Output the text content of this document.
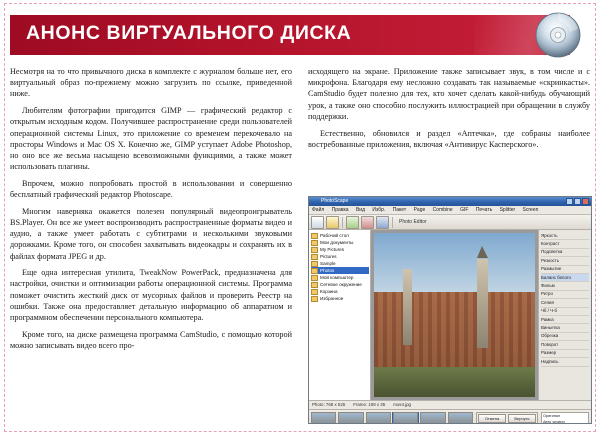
АНОНС ВИРТУАЛЬНОГО ДИСКА

Несмотря на то что привычного диска в комплекте с журналом больше нет, его виртуальный образ по-прежнему можно загрузить по ссылке, приведенной ниже.

Любителям фотографии пригодится GIMP — графический редактор с открытым исходным кодом. Получившее распространение среди пользователей операционной системы Linux, это приложение со временем перекочевало на просторы Windows и Mac OS X. Конечно же, GIMP уступает Adobe Photoshop, но оно все же весьма насыщено всевозможными функциями, а также может использовать плагины.

Впрочем, можно попробовать простой в использовании и совершенно бесплатный графический редактор Photoscape.

Многим наверняка окажется полезен популярный видеопроигрыватель BS.Player. Он все же умеет воспроизводить распространенные форматы видео и аудио, а также умеет работать с субтитрами и несколькими звуковыми дорожками. Кроме того, он способен захватывать видеокадры и сохранять их в файлах формата JPEG и др.

Еще одна интересная утилита, TweakNow PowerPack, предназначена для настройки, очистки и оптимизации работы операционной системы. Программа поможет очистить жесткий диск от мусорных файлов и проверить Реестр на ошибки. Также она предоставляет детальную информацию об аппаратном и программном обеспечении персонального компьютера.

Кроме того, на диске размещена программа CamStudio, с помощью которой можно записывать видео всего про-

исходящего на экране. Приложение также записывает звук, в том числе и с микрофона. Благодаря ему несложно создавать так называемые «скринкасты». CamStudio будет полезно для тех, кто хочет сделать какой-нибудь обучающий урок, а также оно способно послужить иллюстрацией при обращении в службу поддержки.

Естественно, обновился и раздел «Аптечка», где собраны наиболее востребованные приложения, включая «Антивирус Касперского».

PhotoScape
Файл Правка Вид Избр. Пакет Page Сombine GIF Печать Splitter Screen
Photo Editor
Рабочий стол
Мои документы
My Pictures
Pictures
Sample
Photos
Мой компьютер
Сетевое окружение
Корзина
Избранное
Яркость
Контраст
Подсветка
Резкость
Размытие
Баланс белого
Фильм
Ретро
Сепия
Чб / Ч-б
Рамка
Виньетка
Обрезка
Поворот
Размер
Надпись
Photo: 768 x 525 Frame: 108 x 35 mos4.jpg
Отмена	Вернуть	Оригинал
Авто уровни
